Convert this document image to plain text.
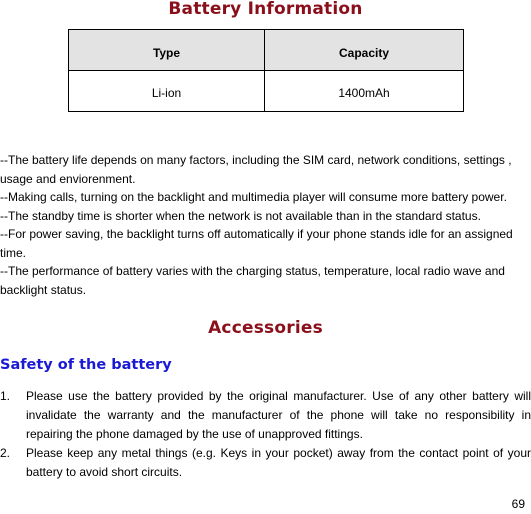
Battery Information
Type	Capacity
Li-ion	1400mAh
--The battery life depends on many factors, including the SIM card, network conditions, settings , usage and enviorenment.
--Making calls, turning on the backlight and multimedia player will consume more battery power.
--The standby time is shorter when the network is not available than in the standard status.
--For power saving, the backlight turns off automatically if your phone stands idle for an assigned time.
--The performance of battery varies with the charging status, temperature, local radio wave and backlight status.
Accessories
Safety of the battery
1. Please use the battery provided by the original manufacturer. Use of any other battery will invalidate the warranty and the manufacturer of the phone will take no responsibility in repairing the phone damaged by the use of unapproved fittings.
2. Please keep any metal things (e.g. Keys in your pocket) away from the contact point of your battery to avoid short circuits.
69
